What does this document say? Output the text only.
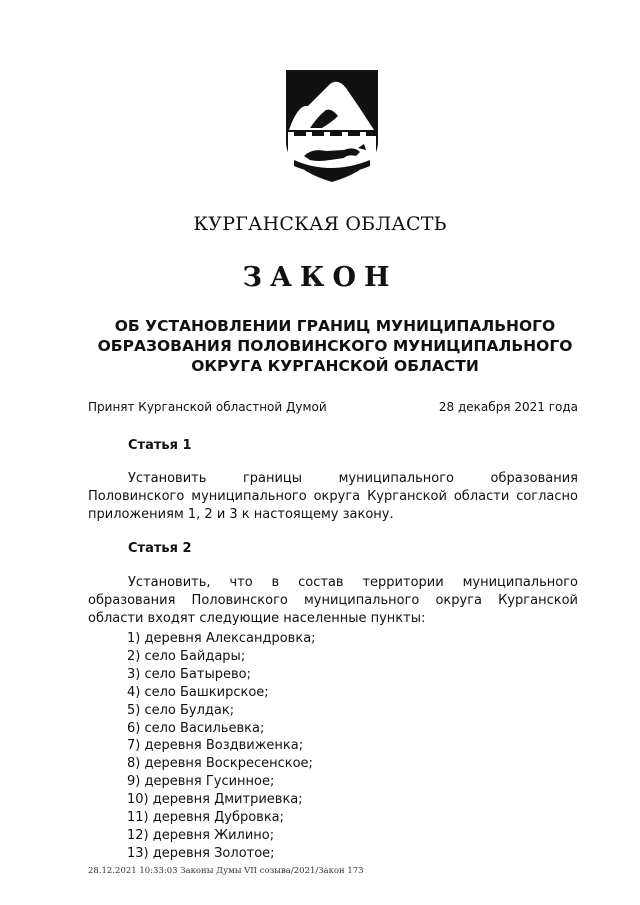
КУРГАНСКАЯ ОБЛАСТЬ
ЗАКОН
ОБ УСТАНОВЛЕНИИ ГРАНИЦ МУНИЦИПАЛЬНОГО ОБРАЗОВАНИЯ ПОЛОВИНСКОГО МУНИЦИПАЛЬНОГО ОКРУГА КУРГАНСКОЙ ОБЛАСТИ
Принят Курганской областной Думой	28 декабря 2021 года
Статья 1

Установить границы муниципального образования Половинского муниципального округа Курганской области согласно приложениям 1, 2 и 3 к настоящему закону.

Статья 2

Установить, что в состав территории муниципального образования Половинского муниципального округа Курганской области входят следующие населенные пункты:

1) деревня Александровка;
2) село Байдары;
3) село Батырево;
4) село Башкирское;
5) село Булдак;
6) село Васильевка;
7) деревня Воздвиженка;
8) деревня Воскресенское;
9) деревня Гусинное;
10) деревня Дмитриевка;
11) деревня Дубровка;
12) деревня Жилино;
13) деревня Золотое;
28.12.2021 10:33:03 Законы Думы VII созыва/2021/Закон 173
